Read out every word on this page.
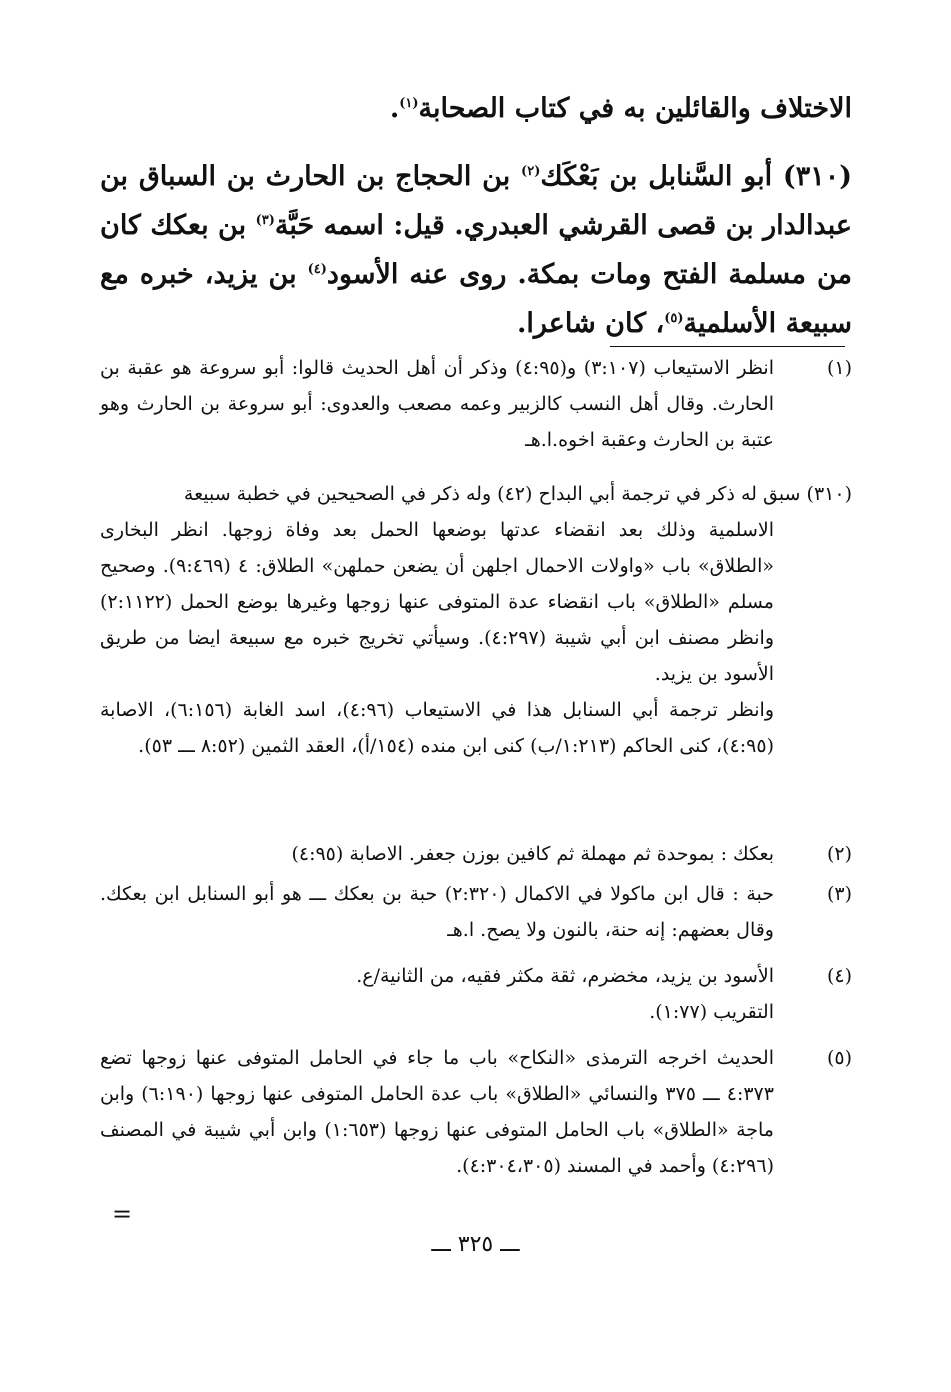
الاختلاف والقائلين به في كتاب الصحابة$^{(١)}$.
(٣١٠) أبو السَّنابل بن بَعْكَك$^{(٢)}$ بن الحجاج بن الحارث بن السباق بن عبدالدار بن قصى القرشي العبدري. قيل: اسمه حَبَّة$^{(٣)}$ بن بعكك كان من مسلمة الفتح ومات بمكة. روى عنه الأسود$^{(٤)}$ بن يزيد، خبره مع سبيعة الأسلمية$^{(٥)}$، كان شاعرا.
(١)
انظر الاستيعاب (٣:١٠٧) و(٤:٩٥) وذكر أن أهل الحديث قالوا: أبو سروعة هو عقبة بن الحارث. وقال أهل النسب كالزبير وعمه مصعب والعدوى: أبو سروعة بن الحارث وهو عتبة بن الحارث وعقبة اخوه.ا.هـ
(٣١٠) سبق له ذكر في ترجمة أبي البداح (٤٢) وله ذكر في الصحيحين في خطبة سبيعة
الاسلمية وذلك بعد انقضاء عدتها بوضعها الحمل بعد وفاة زوجها. انظر البخارى «الطلاق» باب «واولات الاحمال اجلهن أن يضعن حملهن» الطلاق: ٤ (٩:٤٦٩). وصحيح مسلم «الطلاق» باب انقضاء عدة المتوفى عنها زوجها وغيرها بوضع الحمل (٢:١١٢٢) وانظر مصنف ابن أبي شيبة (٤:٢٩٧). وسيأتي تخريج خبره مع سبيعة ايضا من طريق الأسود بن يزيد.
وانظر ترجمة أبي السنابل هذا في الاستيعاب (٤:٩٦)، اسد الغابة (٦:١٥٦)، الاصابة (٤:٩٥)، كنى الحاكم (١:٢١٣/ب) كنى ابن منده (١٥٤/أ)، العقد الثمين (٨:٥٢ ـــ ٥٣).
(٢)
بعكك : بموحدة ثم مهملة ثم كافين بوزن جعفر. الاصابة (٤:٩٥)
(٣)
حبة : قال ابن ماكولا في الاكمال (٢:٣٢٠) حبة بن بعكك ـــ هو أبو السنابل ابن بعكك. وقال بعضهم: إنه حنة، بالنون ولا يصح. ا.هـ
(٤)
الأسود بن يزيد، مخضرم، ثقة مكثر فقيه، من الثانية/ع.
التقريب (١:٧٧).
(٥)
الحديث اخرجه الترمذى «النكاح» باب ما جاء في الحامل المتوفى عنها زوجها تضع ٤:٣٧٣ ـــ ٣٧٥ والنسائي «الطلاق» باب عدة الحامل المتوفى عنها زوجها (٦:١٩٠) وابن ماجة «الطلاق» باب الحامل المتوفى عنها زوجها (١:٦٥٣) وابن أبي شيبة في المصنف (٤:٢٩٦) وأحمد في المسند (٤:٣٠٤،٣٠٥).
=
ـــ ٣٢٥ ـــ
